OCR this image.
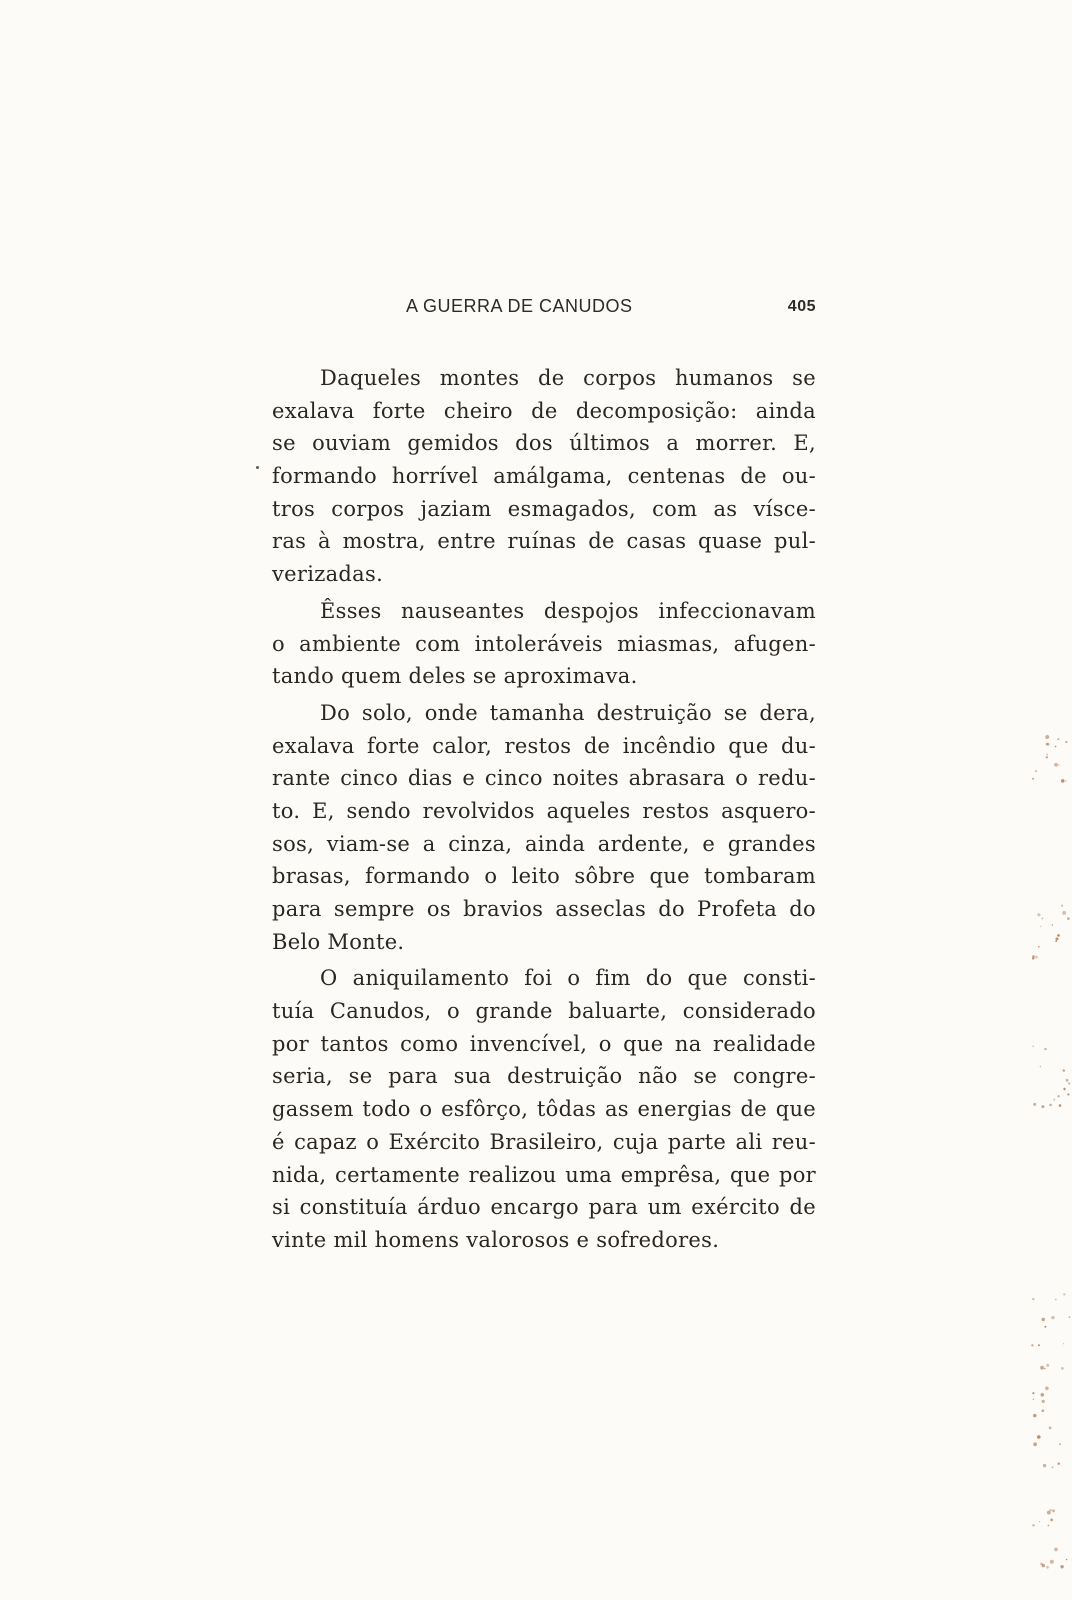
A GUERRA DE CANUDOS	405
Daqueles montes de corpos humanos se
exalava forte cheiro de decomposição: ainda
se ouviam gemidos dos últimos a morrer. E,
formando horrível amálgama, centenas de ou-
tros corpos jaziam esmagados, com as vísce-
ras à mostra, entre ruínas de casas quase pul-
verizadas.
Êsses nauseantes despojos infeccionavam
o ambiente com intoleráveis miasmas, afugen-
tando quem deles se aproximava.
Do solo, onde tamanha destruição se dera,
exalava forte calor, restos de incêndio que du-
rante cinco dias e cinco noites abrasara o redu-
to. E, sendo revolvidos aqueles restos asquero-
sos, viam-se a cinza, ainda ardente, e grandes
brasas, formando o leito sôbre que tombaram
para sempre os bravios asseclas do Profeta do
Belo Monte.
O aniquilamento foi o fim do que consti-
tuía Canudos, o grande baluarte, considerado
por tantos como invencível, o que na realidade
seria, se para sua destruição não se congre-
gassem todo o esfôrço, tôdas as energias de que
é capaz o Exército Brasileiro, cuja parte ali reu-
nida, certamente realizou uma emprêsa, que por
si constituía árduo encargo para um exército de
vinte mil homens valorosos e sofredores.
